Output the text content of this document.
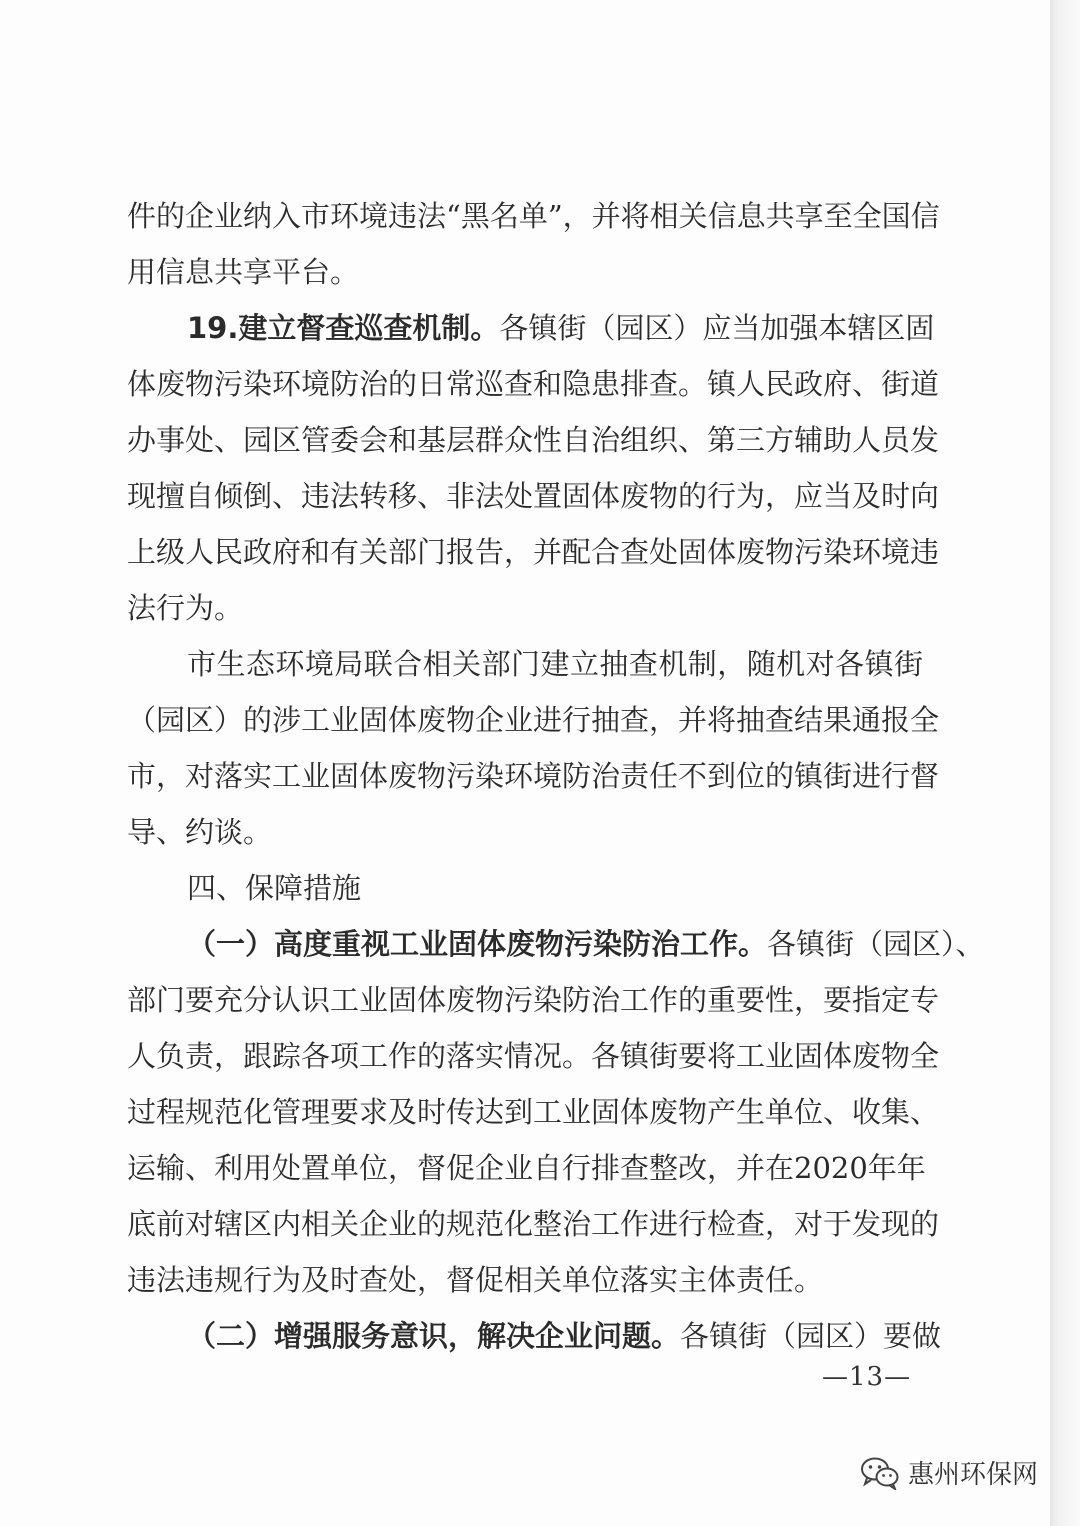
件的企业纳入市环境违法“黑名单”，并将相关信息共享至全国信
用信息共享平台。
19.建立督查巡查机制。各镇街（园区）应当加强本辖区固
体废物污染环境防治的日常巡查和隐患排查。镇人民政府、街道
办事处、园区管委会和基层群众性自治组织、第三方辅助人员发
现擅自倾倒、违法转移、非法处置固体废物的行为，应当及时向
上级人民政府和有关部门报告，并配合查处固体废物污染环境违
法行为。
市生态环境局联合相关部门建立抽查机制，随机对各镇街
（园区）的涉工业固体废物企业进行抽查，并将抽查结果通报全
市，对落实工业固体废物污染环境防治责任不到位的镇街进行督
导、约谈。
四、保障措施
（一）高度重视工业固体废物污染防治工作。各镇街（园区）、
部门要充分认识工业固体废物污染防治工作的重要性，要指定专
人负责，跟踪各项工作的落实情况。各镇街要将工业固体废物全
过程规范化管理要求及时传达到工业固体废物产生单位、收集、
运输、利用处置单位，督促企业自行排查整改，并在2020年年
底前对辖区内相关企业的规范化整治工作进行检查，对于发现的
违法违规行为及时查处，督促相关单位落实主体责任。
（二）增强服务意识，解决企业问题。各镇街（园区）要做
—13—
惠州环保网
